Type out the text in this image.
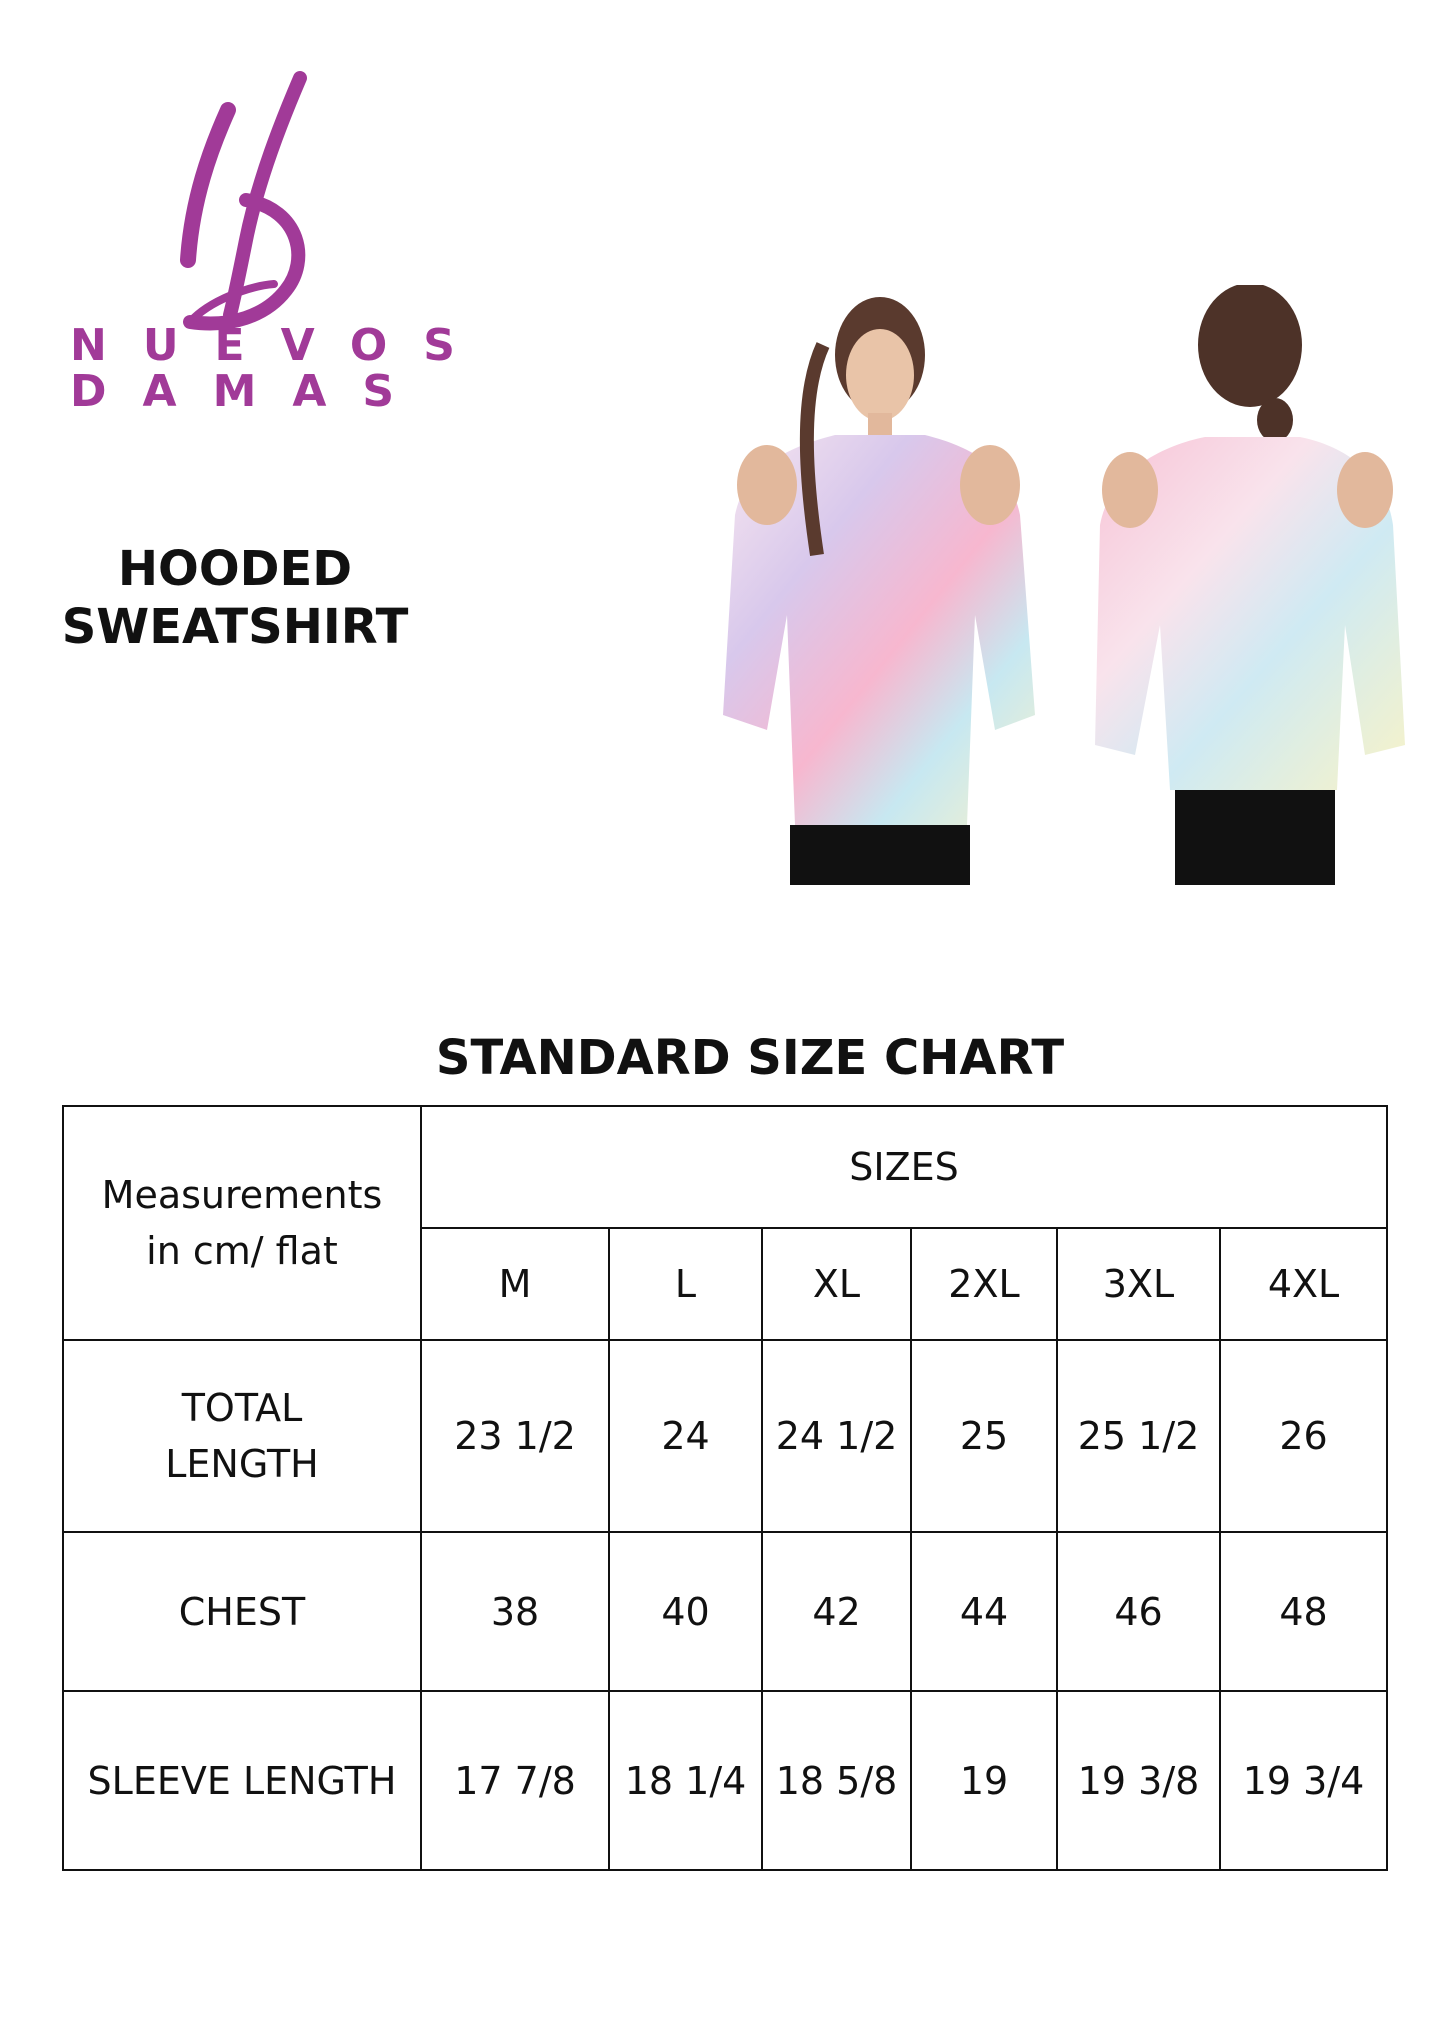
NUEVOS
DAMAS
HOODED SWEATSHIRT
STANDARD SIZE CHART
Measurements
in cm/ flat	SIZES					
	M	L	XL	2XL	3XL	4XL
TOTAL
LENGTH	23 1/2	24	24 1/2	25	25 1/2	26
CHEST	38	40	42	44	46	48
SLEEVE LENGTH	17 7/8	18 1/4	18 5/8	19	19 3/8	19 3/4
